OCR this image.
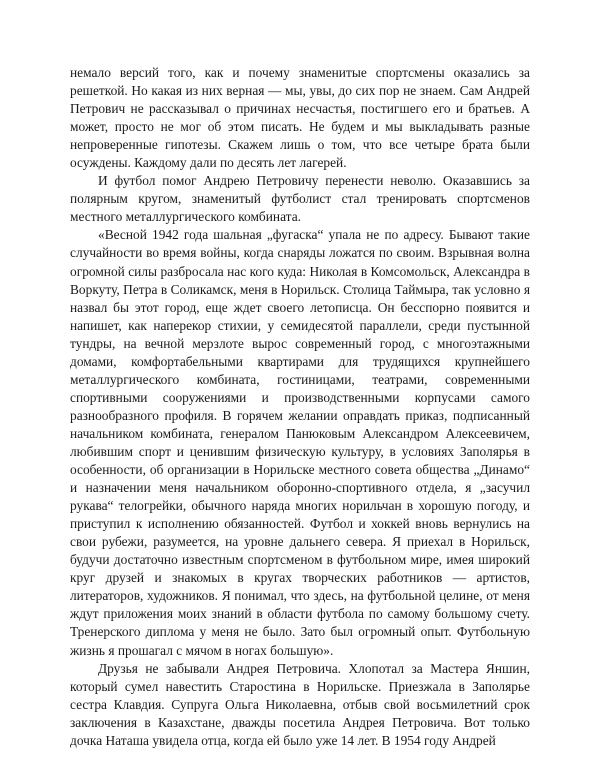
немало версий того, как и почему знаменитые спортсмены оказались за решеткой. Но какая из них верная — мы, увы, до сих пор не знаем. Сам Андрей Петрович не рассказывал о причинах несчастья, постигшего его и братьев. А может, просто не мог об этом писать. Не будем и мы выкладывать разные непроверенные гипотезы. Скажем лишь о том, что все четыре брата были осуждены. Каждому дали по десять лет лагерей.

И футбол помог Андрею Петровичу перенести неволю. Оказавшись за полярным кругом, знаменитый футболист стал тренировать спортсменов местного металлургического комбината.

«Весной 1942 года шальная „фугаска“ упала не по адресу. Бывают такие случайности во время войны, когда снаряды ложатся по своим. Взрывная волна огромной силы разбросала нас кого куда: Николая в Комсомольск, Александра в Воркуту, Петра в Соликамск, меня в Норильск. Столица Таймыра, так условно я назвал бы этот город, еще ждет своего летописца. Он бесспорно появится и напишет, как наперекор стихии, у семидесятой параллели, среди пустынной тундры, на вечной мерзлоте вырос современный город, с многоэтажными домами, комфортабельными квартирами для трудящихся крупнейшего металлургического комбината, гостиницами, театрами, современными спортивными сооружениями и производственными корпусами самого разнообразного профиля. В горячем желании оправдать приказ, подписанный начальником комбината, генералом Панюковым Александром Алексеевичем, любившим спорт и ценившим физическую культуру, в условиях Заполярья в особенности, об организации в Норильске местного совета общества „Динамо“ и назначении меня начальником оборонно-спортивного отдела, я „засучил рукава“ телогрейки, обычного наряда многих норильчан в хорошую погоду, и приступил к исполнению обязанностей. Футбол и хоккей вновь вернулись на свои рубежи, разумеется, на уровне дальнего севера. Я приехал в Норильск, будучи достаточно известным спортсменом в футбольном мире, имея широкий круг друзей и знакомых в кругах творческих работников — артистов, литераторов, художников. Я понимал, что здесь, на футбольной целине, от меня ждут приложения моих знаний в области футбола по самому большому счету. Тренерского диплома у меня не было. Зато был огромный опыт. Футбольную жизнь я прошагал с мячом в ногах большую».

Друзья не забывали Андрея Петровича. Хлопотал за Мастера Яншин, который сумел навестить Старостина в Норильске. Приезжала в Заполярье сестра Клавдия. Супруга Ольга Николаевна, отбыв свой восьмилетний срок заключения в Казахстане, дважды посетила Андрея Петровича. Вот только дочка Наташа увидела отца, когда ей было уже 14 лет. В 1954 году Андрей
